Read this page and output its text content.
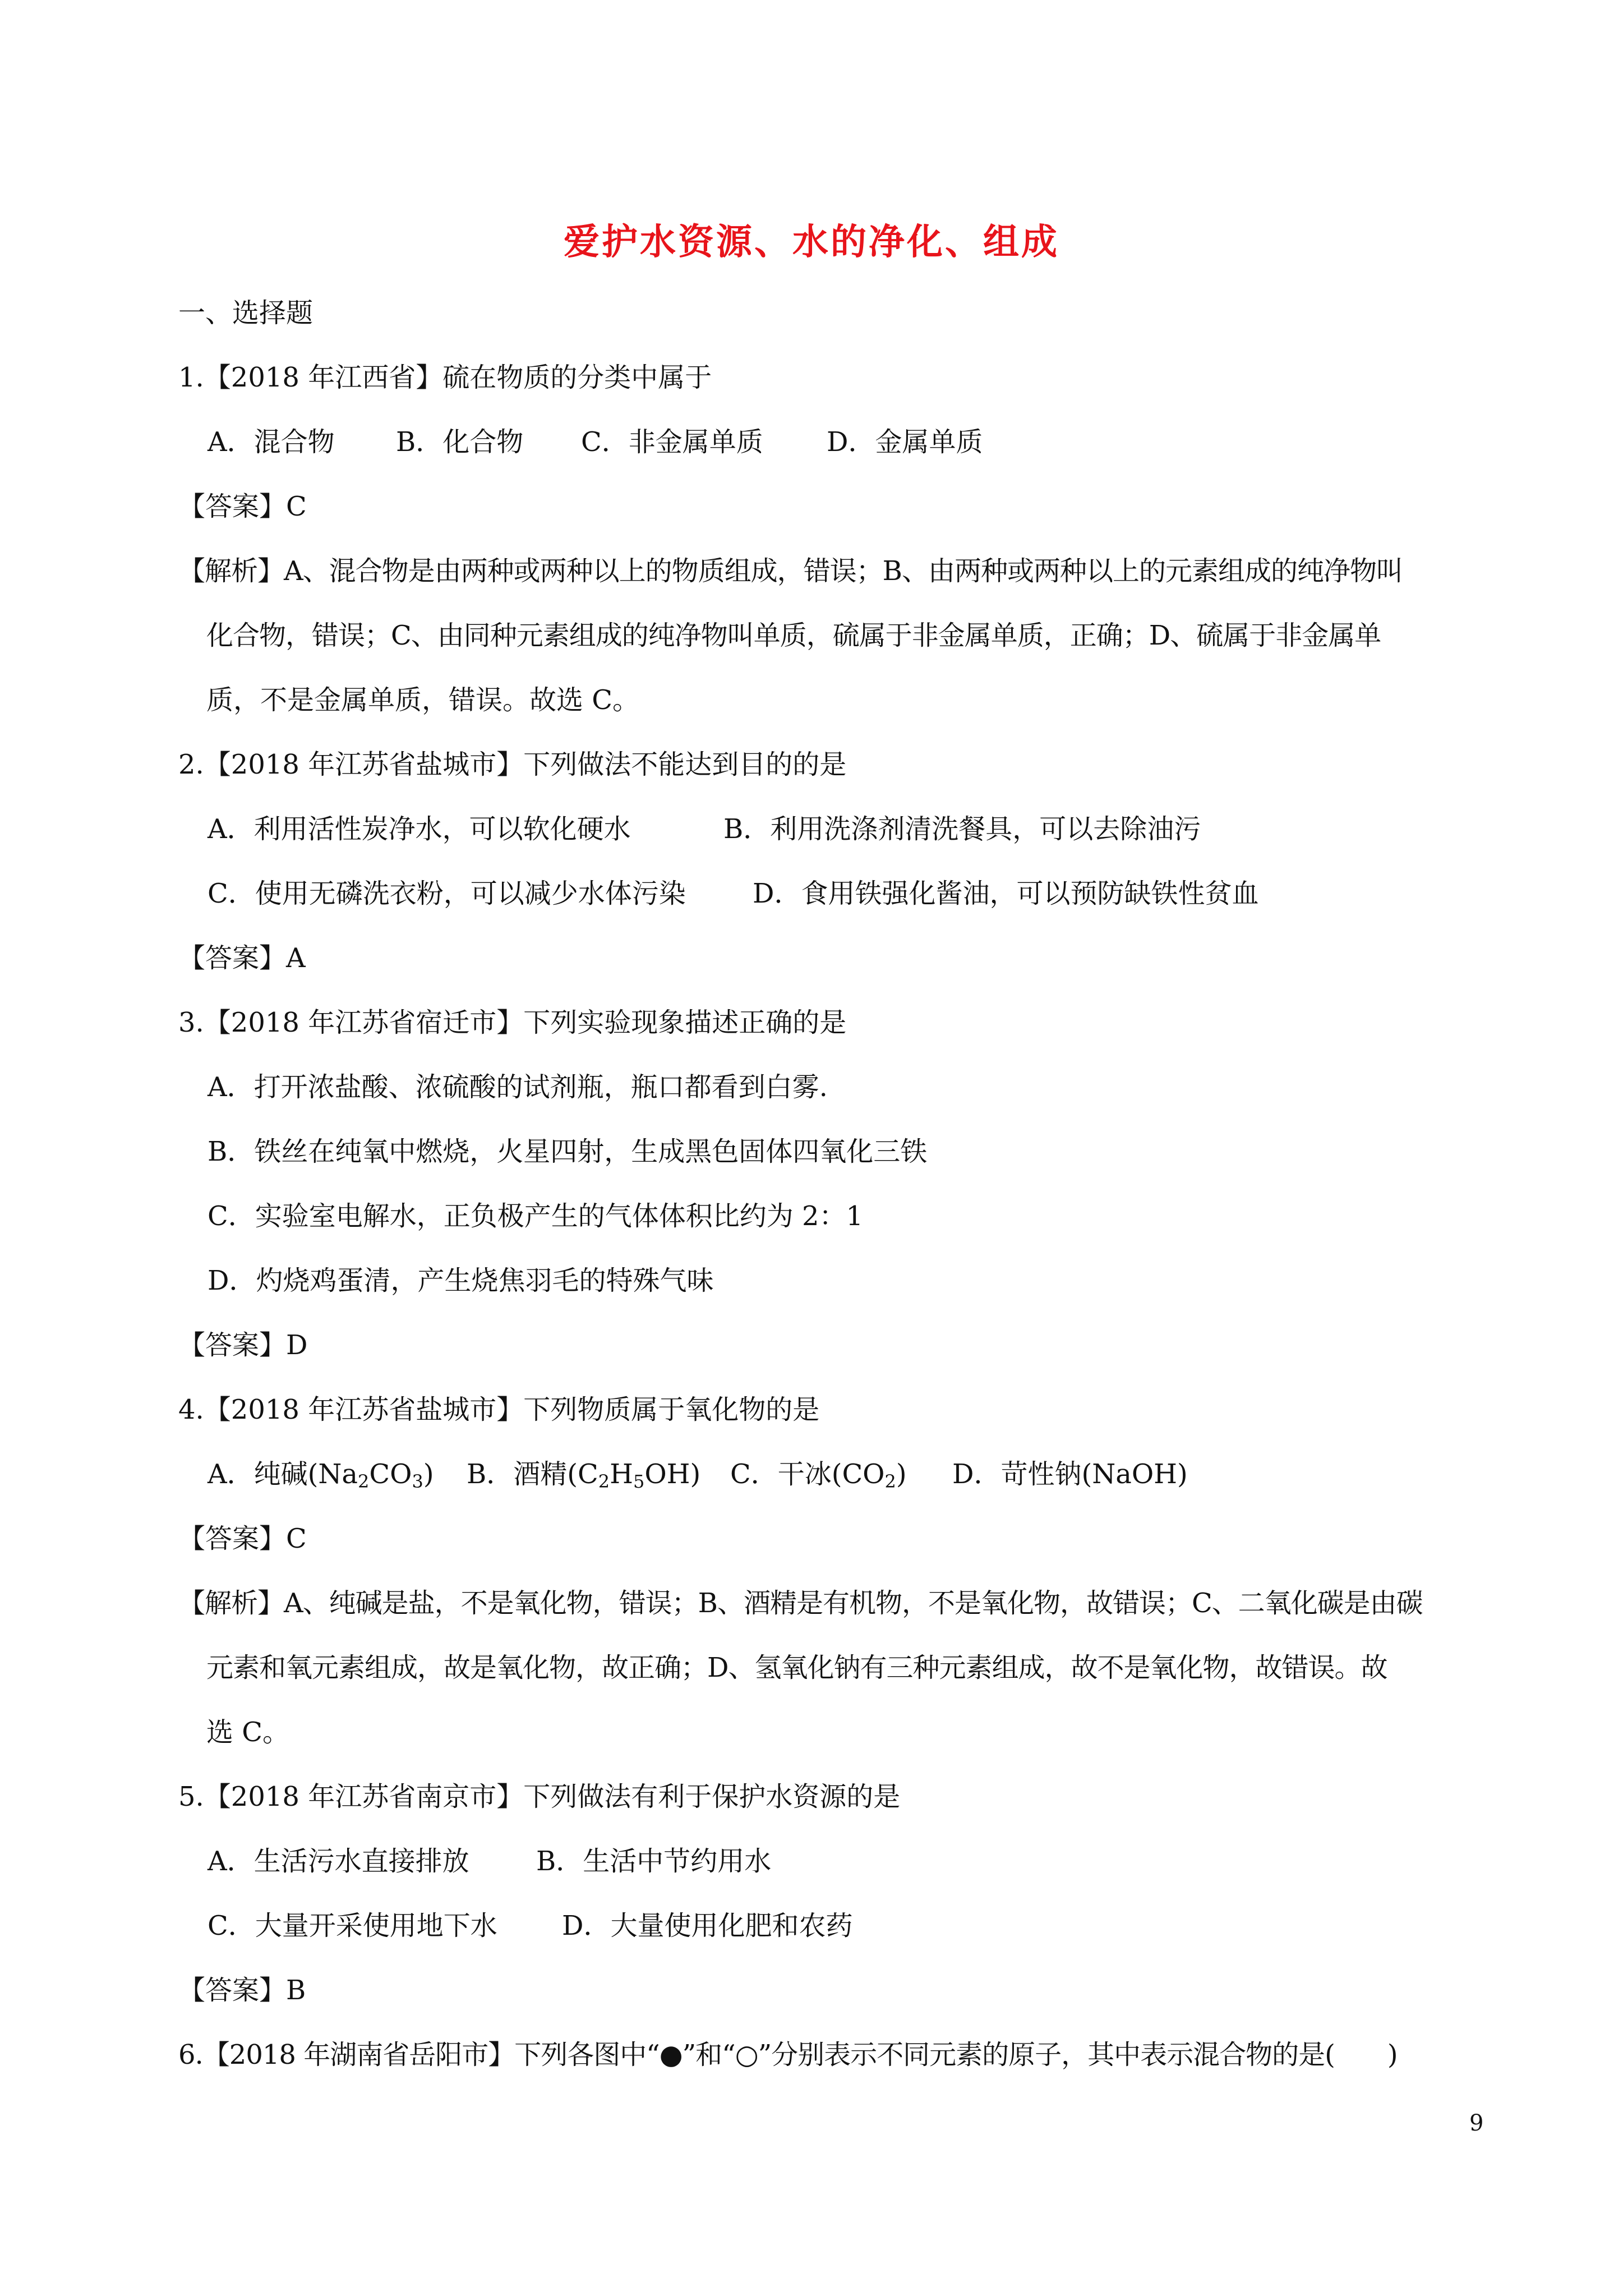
爱护水资源、水的净化、组成
一、选择题
1.【2018 年江西省】硫在物质的分类中属于
A．混合物 B．化合物 C．非金属单质 D．金属单质
【答案】C
【解析】A、混合物是由两种或两种以上的物质组成，错误；B、由两种或两种以上的元素组成的纯净物叫
化合物，错误；C、由同种元素组成的纯净物叫单质，硫属于非金属单质，正确；D、硫属于非金属单
质，不是金属单质，错误。故选 C。
2.【2018 年江苏省盐城市】下列做法不能达到目的的是
A．利用活性炭净水，可以软化硬水	B．利用洗涤剂清洗餐具，可以去除油污
C．使用无磷洗衣粉，可以减少水体污染 D．食用铁强化酱油，可以预防缺铁性贫血
【答案】A
3.【2018 年江苏省宿迁市】下列实验现象描述正确的是
A．打开浓盐酸、浓硫酸的试剂瓶，瓶口都看到白雾.
B．铁丝在纯氧中燃烧，火星四射，生成黑色固体四氧化三铁
C．实验室电解水，正负极产生的气体体积比约为 2：1
D．灼烧鸡蛋清，产生烧焦羽毛的特殊气味
【答案】D
4.【2018 年江苏省盐城市】下列物质属于氧化物的是
A．纯碱$(Na_2CO_3)$ B．酒精$(C_2H_5OH)$ C．干冰$(CO_2)$ D．苛性钠(NaOH)
【答案】C
【解析】A、纯碱是盐，不是氧化物，错误；B、酒精是有机物，不是氧化物，故错误；C、二氧化碳是由碳
元素和氧元素组成，故是氧化物，故正确；D、氢氧化钠有三种元素组成，故不是氧化物，故错误。故
选 C。
5.【2018 年江苏省南京市】下列做法有利于保护水资源的是
A．生活污水直接排放 B．生活中节约用水
C．大量开采使用地下水 D．大量使用化肥和农药
【答案】B
6.【2018 年湖南省岳阳市】下列各图中“●”和“○”分别表示不同元素的原子，其中表示混合物的是(　　)
9
